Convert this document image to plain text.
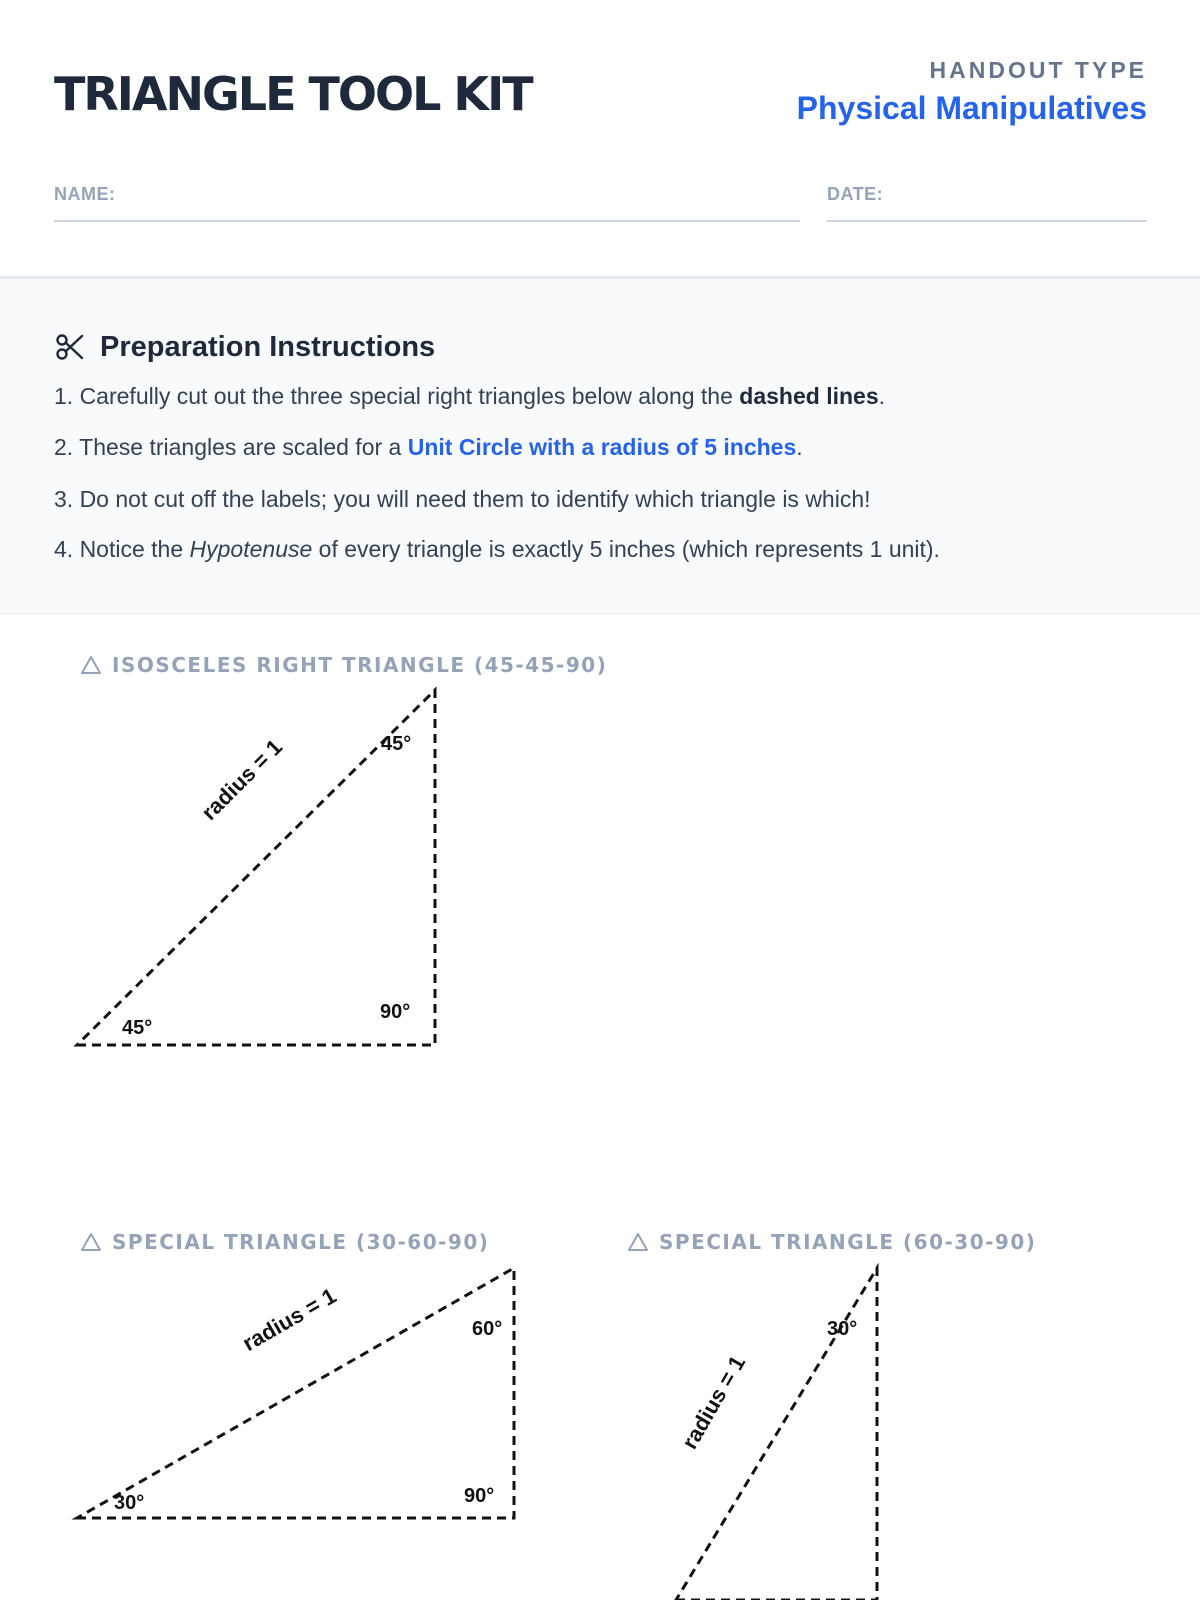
TRIANGLE TOOL KIT	HANDOUT TYPE
Physical Manipulatives
NAME:	DATE:
Preparation Instructions
1. Carefully cut out the three special right triangles below along the dashed lines.
2. These triangles are scaled for a Unit Circle with a radius of 5 inches.
3. Do not cut off the labels; you will need them to identify which triangle is which!
4. Notice the Hypotenuse of every triangle is exactly 5 inches (which represents 1 unit).
ISOSCELES RIGHT TRIANGLE (45-45-90)
SPECIAL TRIANGLE (30-60-90)	SPECIAL TRIANGLE (60-30-90)
45°
45°
90°
radius = 1
60°
30°	90°
radius = 1	30°
radius = 1
